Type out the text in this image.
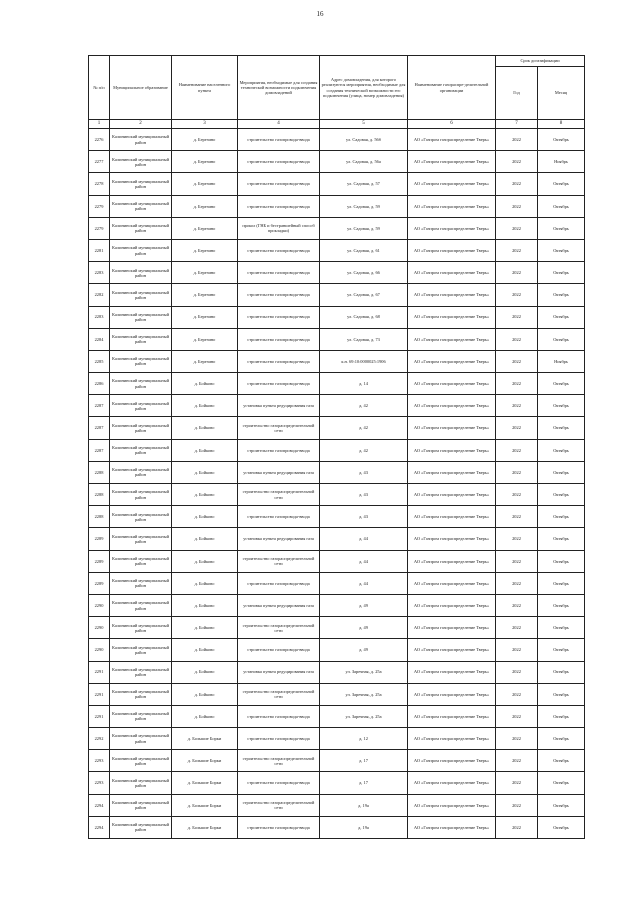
16
№ п/п	Муниципальное образование	Наименование населенного пункта	Мероприятия, необходимые для создания технической возможности подключения домовладений	Адрес домовладения, для которого реализуются мероприятия, необходимые для создания технической возможности его подключения (улица, номер домовладения)	Наименование газораспре-делительной организации	Срок догазификации	
						Год	Месяц
1	2	3	4	5	6	7	8
2276	Калининский муниципальный район	д. Березино	строительство газопровода-ввода	ул. Садовая, д. 56б	АО «Газпром газораспределение Тверь»	2022	Октябрь
2277	Калининский муниципальный район	д. Березино	строительство газопровода-ввода	ул. Садовая, д. 56а	АО «Газпром газораспределение Тверь»	2022	Ноябрь
2278	Калининский муниципальный район	д. Березино	строительство газопровода-ввода	ул. Садовая, д. 57	АО «Газпром газораспределение Тверь»	2022	Октябрь
2279	Калининский муниципальный район	д. Березино	строительство газопровода-ввода	ул. Садовая, д. 59	АО «Газпром газораспределение Тверь»	2022	Октябрь
2279	Калининский муниципальный район	д. Березино	прокол (ГНБ и бестраншейный способ прокладки)	ул. Садовая, д. 59	АО «Газпром газораспределение Тверь»	2022	Октябрь
2281	Калининский муниципальный район	д. Березино	строительство газопровода-ввода	ул. Садовая, д. 61	АО «Газпром газораспределение Тверь»	2022	Октябрь
2283	Калининский муниципальный район	д. Березино	строительство газопровода-ввода	ул. Садовая, д. 66	АО «Газпром газораспределение Тверь»	2022	Октябрь
2282	Калининский муниципальный район	д. Березино	строительство газопровода-ввода	ул. Садовая, д. 67	АО «Газпром газораспределение Тверь»	2022	Октябрь
2283	Калининский муниципальный район	д. Березино	строительство газопровода-ввода	ул. Садовая, д. 68	АО «Газпром газораспределение Тверь»	2022	Октябрь
2284	Калининский муниципальный район	д. Березино	строительство газопровода-ввода	ул. Садовая, д. 73	АО «Газпром газораспределение Тверь»	2022	Октябрь
2285	Калининский муниципальный район	д. Березино	строительство газопровода-ввода	к.н. 69:10:0000025:1906	АО «Газпром газораспределение Тверь»	2022	Ноябрь
2286	Калининский муниципальный район	д. Бойково	строительство газопровода-ввода	д. 14	АО «Газпром газораспределение Тверь»	2022	Октябрь
2287	Калининский муниципальный район	д. Бойково	установка пункта редуцирования газа	д. 42	АО «Газпром газораспределение Тверь»	2022	Октябрь
2287	Калининский муниципальный район	д. Бойково	строительство газораспределительной сети	д. 42	АО «Газпром газораспределение Тверь»	2022	Октябрь
2287	Калининский муниципальный район	д. Бойково	строительство газопровода-ввода	д. 42	АО «Газпром газораспределение Тверь»	2022	Октябрь
2288	Калининский муниципальный район	д. Бойково	установка пункта редуцирования газа	д. 43	АО «Газпром газораспределение Тверь»	2022	Октябрь
2288	Калининский муниципальный район	д. Бойково	строительство газораспределительной сети	д. 43	АО «Газпром газораспределение Тверь»	2022	Октябрь
2288	Калининский муниципальный район	д. Бойково	строительство газопровода-ввода	д. 43	АО «Газпром газораспределение Тверь»	2022	Октябрь
2289	Калининский муниципальный район	д. Бойково	установка пункта редуцирования газа	д. 44	АО «Газпром газораспределение Тверь»	2022	Октябрь
2289	Калининский муниципальный район	д. Бойково	строительство газораспределительной сети	д. 44	АО «Газпром газораспределение Тверь»	2022	Октябрь
2289	Калининский муниципальный район	д. Бойково	строительство газопровода-ввода	д. 44	АО «Газпром газораспределение Тверь»	2022	Октябрь
2290	Калининский муниципальный район	д. Бойково	установка пункта редуцирования газа	д. 49	АО «Газпром газораспределение Тверь»	2022	Октябрь
2290	Калининский муниципальный район	д. Бойково	строительство газораспределительной сети	д. 49	АО «Газпром газораспределение Тверь»	2022	Октябрь
2290	Калининский муниципальный район	д. Бойково	строительство газопровода-ввода	д. 49	АО «Газпром газораспределение Тверь»	2022	Октябрь
2291	Калининский муниципальный район	д. Бойково	установка пункта редуцирования газа	ул. Заречная, д. 25а	АО «Газпром газораспределение Тверь»	2022	Октябрь
2291	Калининский муниципальный район	д. Бойково	строительство газораспределительной сети	ул. Заречная, д. 25а	АО «Газпром газораспределение Тверь»	2022	Октябрь
2291	Калининский муниципальный район	д. Бойково	строительство газопровода-ввода	ул. Заречная, д. 25а	АО «Газпром газораспределение Тверь»	2022	Октябрь
2292	Калининский муниципальный район	д. Большие Борки	строительство газопровода-ввода	д. 12	АО «Газпром газораспределение Тверь»	2022	Октябрь
2293	Калининский муниципальный район	д. Большие Борки	строительство газораспределительной сети	д. 17	АО «Газпром газораспределение Тверь»	2022	Октябрь
2293	Калининский муниципальный район	д. Большие Борки	строительство газопровода-ввода	д. 17	АО «Газпром газораспределение Тверь»	2022	Октябрь
2294	Калининский муниципальный район	д. Большие Борки	строительство газораспределительной сети	д. 19а	АО «Газпром газораспределение Тверь»	2022	Октябрь
2294	Калининский муниципальный район	д. Большие Борки	строительство газопровода-ввода	д. 19а	АО «Газпром газораспределение Тверь»	2022	Октябрь
